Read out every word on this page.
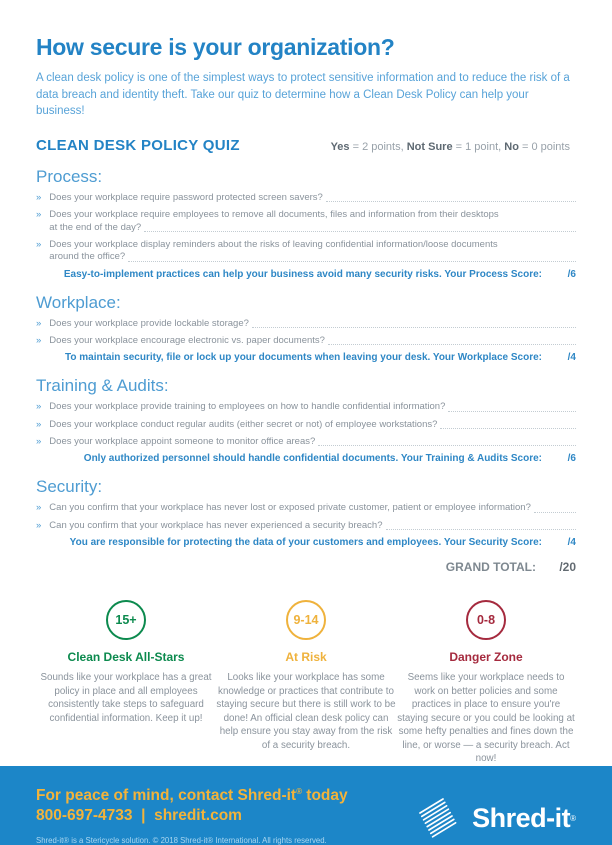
How secure is your organization?

A clean desk policy is one of the simplest ways to protect sensitive information and to reduce the risk of a data breach and identity theft. Take our quiz to determine how a Clean Desk Policy can help your business!

CLEAN DESK POLICY QUIZ	Yes = 2 points, Not Sure = 1 point, No = 0 points
Process:
» Does your workplace require password protected screen savers?
» Does your workplace require employees to remove all documents, files and information from their desktops
at the end of the day?
» Does your workplace display reminders about the risks of leaving confidential information/loose documents
around the office?
Easy-to-implement practices can help your business avoid many security risks. Your Process Score:	/6
Workplace:
» Does your workplace provide lockable storage?
» Does your workplace encourage electronic vs. paper documents?
To maintain security, file or lock up your documents when leaving your desk. Your Workplace Score:	/4
Training & Audits:
» Does your workplace provide training to employees on how to handle confidential information?
» Does your workplace conduct regular audits (either secret or not) of employee workstations?
» Does your workplace appoint someone to monitor office areas?
Only authorized personnel should handle confidential documents. Your Training & Audits Score:	/6
Security:
» Can you confirm that your workplace has never lost or exposed private customer, patient or employee information?
» Can you confirm that your workplace has never experienced a security breach?
You are responsible for protecting the data of your customers and employees. Your Security Score:	/4
GRAND TOTAL:	/20
15+
Clean Desk All-Stars

Sounds like your workplace has a great policy in place and all employees consistently take steps to safeguard confidential information. Keep it up!

9-14
At Risk

Looks like your workplace has some knowledge or practices that contribute to staying secure but there is still work to be done! An official clean desk policy can help ensure you stay away from the risk of a security breach.

0-8
Danger Zone

Seems like your workplace needs to work on better policies and some practices in place to ensure you're staying secure or you could be looking at some hefty penalties and fines down the line, or worse — a security breach. Act now!

For peace of mind, contact Shred-it® today
800-697-4733  |  shredit.com
Shred-it® is a Stericycle solution. © 2018 Shred-it® International. All rights reserved.
Shred-it ®
